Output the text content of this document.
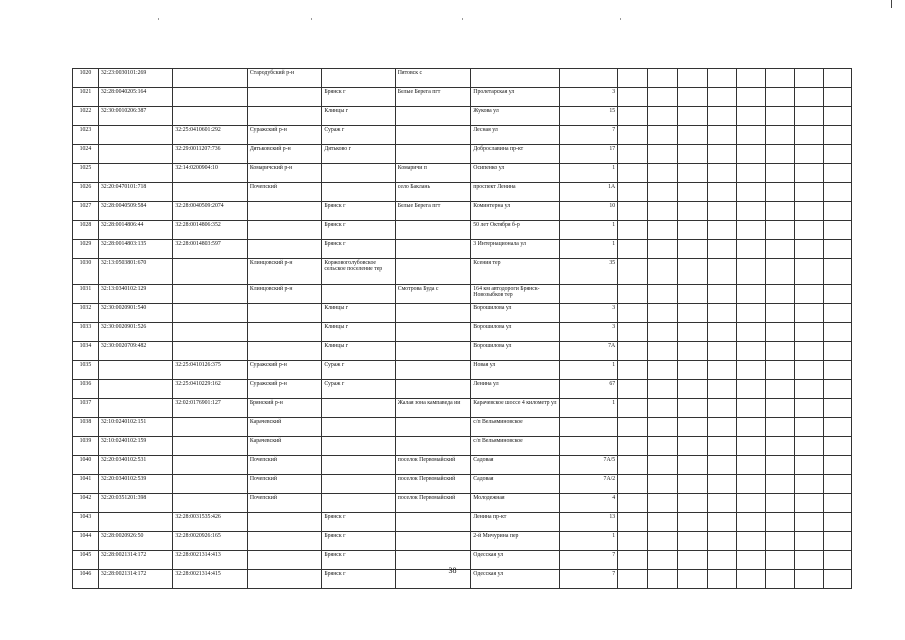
1020	32:23:0030101:269		Стародубский р-н		Пятовск с										
1021	32:28:0040205:164			Брянск г	Белые Берега пгт	Пролетарская ул	3								
1022	32:30:0010206:387			Клинцы г		Жукова ул	15								
1023		32:25:0410601:292	Суражский р-н	Сураж г		Лесная ул	7								
1024		32:29:0011207:736	Дятьковский р-н	Дятьково г		Доброславина пр-кт	17								
1025		32:14:0200904:10	Комаричский р-н		Комаричи п	Осипенко ул	1								
1026	32:20:0470101:718		Почепский		село Баклань	проспект Ленина	1А								
1027	32:28:0040509:584	32:28:0040509:2074		Брянск г	Белые Берега пгт	Коминтерна ул	10								
1028	32:28:0014806:44	32:28:0014806:352		Брянск г		50 лет Октября б-р	1								
1029	32:28:0014803:135	32:28:0014803:597		Брянск г		3 Интернационала ул	1								
1030	32:13:0503801:670		Клинцовский р-н	Коржовоголубовское сельское поселение тер		Ксения тер	35								
1031	32:13:0340102:129		Клинцовский р-н		Смотрова Буда с	164 км автодороги Брянск-Новозыбков тер									
1032	32:30:0020901:540			Клинцы г		Ворошилова ул	3								
1033	32:30:0020901:526			Клинцы г		Ворошилова ул	3								
1034	32:30:0020709:482			Клинцы г		Ворошилова ул	7А								
1035		32:25:0410126:375	Суражский р-н	Сураж г		Новая ул	1								
1036		32:25:0410229:162	Суражский р-н	Сураж г		Ленина ул	67								
1037		32:02:0176901:127	Брянский р-н		Жалая зона кампаведа ии	Карачевское шоссе 4 километр ул	1								
1038	32:10:0240102:151		Карачевский			с/п Вельяминовское									
1039	32:10:0240102:159		Карачевский			с/п Вельяминовское									
1040	32:20:0340102:531		Почепский		поселок Первомайский	Садовая	7А/5								
1041	32:20:0340102:539		Почепский		поселок Первомайский	Садовая	7А/2								
1042	32:20:0351201:398		Почепский		поселок Первомайский	Молодежная	4								
1043		32:28:0031535:426		Брянск г		Ленина пр-кт	13								
1044	32:28:0020926:50	32:28:0020926:165		Брянск г		2-й Мичурина пер	1								
1045	32:28:0021314:172	32:28:0021314:413		Брянск г		Одесская ул	7								
1046	32:28:0021314:172	32:28:0021314:415		Брянск г		Одесская ул	7								
38
